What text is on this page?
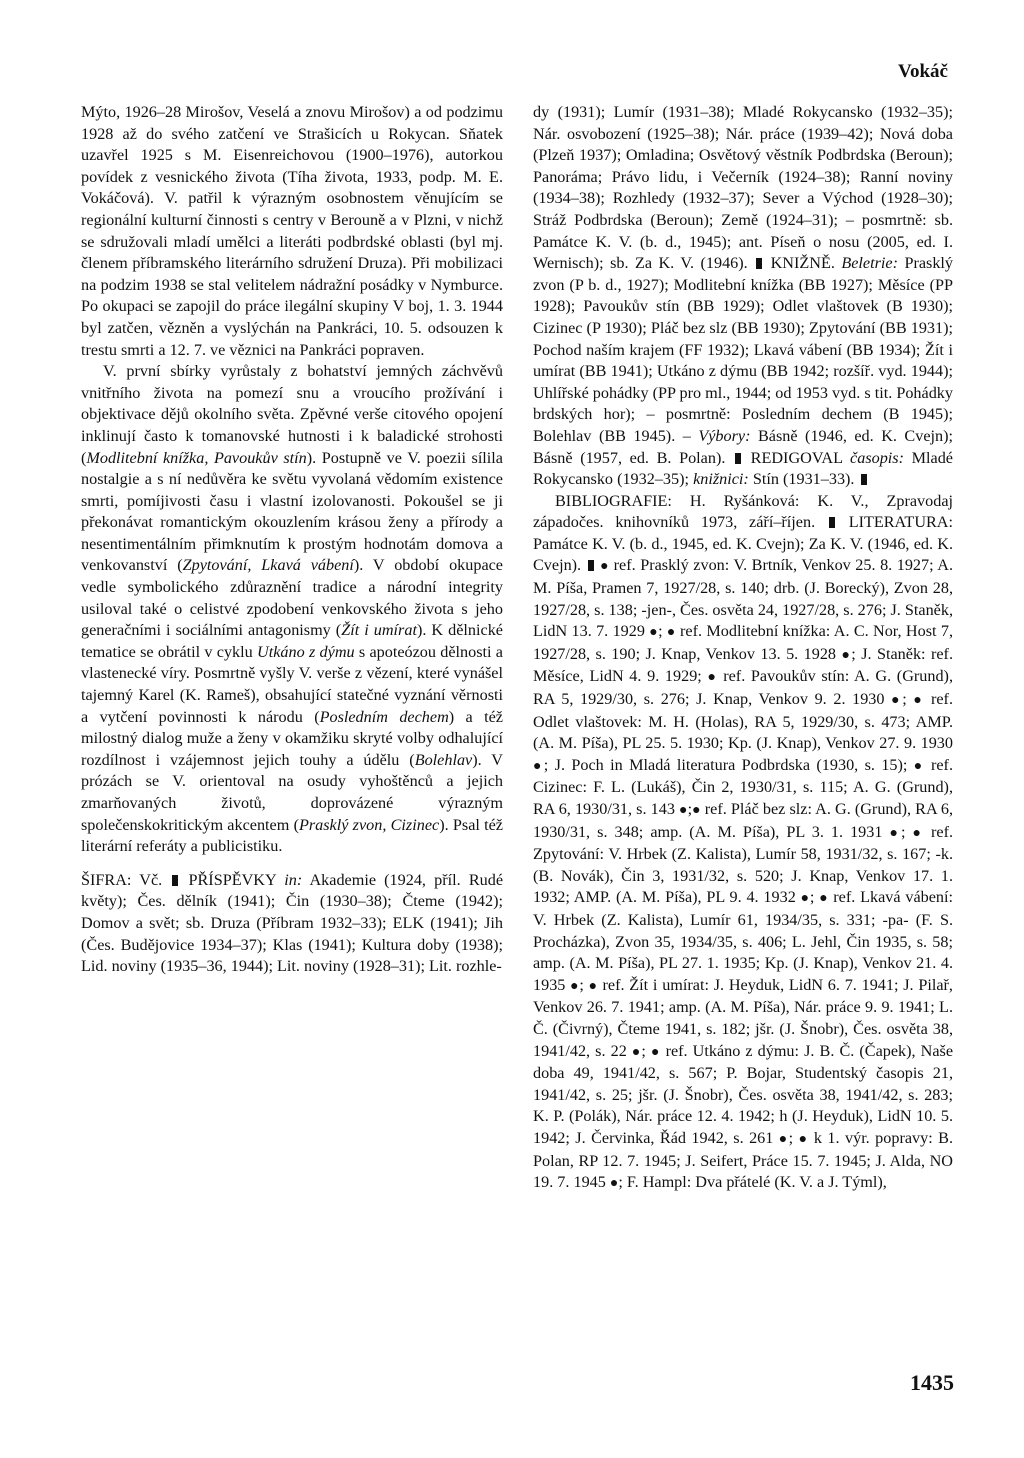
Vokáč

Mýto, 1926–28 Mirošov, Veselá a znovu Mirošov) a od podzimu 1928 až do svého zatčení ve Strašicích u Rokycan. Sňatek uzavřel 1925 s M. Eisenreichovou (1900–1976), autorkou povídek z vesnického života (Tíha života, 1933, podp. M. E. Vokáčová). V. patřil k výrazným osobnostem věnujícím se regionální kulturní činnosti s centry v Berouně a v Plzni, v nichž se sdružovali mladí umělci a literáti podbrdské oblasti (byl mj. členem příbramského literárního sdružení Druza). Při mobilizaci na podzim 1938 se stal velitelem nádražní posádky v Nymburce. Po okupaci se zapojil do práce ilegální skupiny V boj, 1. 3. 1944 byl zatčen, vězněn a vyslýchán na Pankráci, 10. 5. odsouzen k trestu smrti a 12. 7. ve věznici na Pankráci popraven.

V. první sbírky vyrůstaly z bohatství jemných záchvěvů vnitřního života na pomezí snu a vroucího prožívání i objektivace dějů okolního světa. Zpěvné verše citového opojení inklinují často k tomanovské hutnosti i k baladické strohosti (Modlitební knížka, Pavoukův stín). Postupně ve V. poezii sílila nostalgie a s ní nedůvěra ke světu vyvolaná vědomím existence smrti, pomíjivosti času i vlastní izolovanosti. Pokoušel se ji překonávat romantickým okouzlením krásou ženy a přírody a nesentimentálním přimknutím k prostým hodnotám domova a venkovanství (Zpytování, Lkavá vábení). V období okupace vedle symbolického zdůraznění tradice a národní integrity usiloval také o celistvé zpodobení venkovského života s jeho generačními i sociálními antagonismy (Žít i umírat). K dělnické tematice se obrátil v cyklu Utkáno z dýmu s apoteózou dělnosti a vlastenecké víry. Posmrtně vyšly V. verše z vězení, které vynášel tajemný Karel (K. Rameš), obsahující statečné vyznání věrnosti a vytčení povinnosti k národu (Posledním dechem) a též milostný dialog muže a ženy v okamžiku skryté volby odhalující rozdílnost i vzájemnost jejich touhy a údělu (Bolehlav). V prózách se V. orientoval na osudy vyhoštěnců a jejich zmarňovaných životů, doprovázené výrazným společenskokritickým akcentem (Prasklý zvon, Cizinec). Psal též literární referáty a publicistiku.

ŠIFRA: Vč.  PŘÍSPĚVKY in: Akademie (1924, příl. Rudé květy); Čes. dělník (1941); Čin (1930–38); Čteme (1942); Domov a svět; sb. Druza (Příbram 1932–33); ELK (1941); Jih (Čes. Budějovice 1934–37); Klas (1941); Kultura doby (1938); Lid. noviny (1935–36, 1944); Lit. noviny (1928–31); Lit. rozhle-

dy (1931); Lumír (1931–38); Mladé Rokycansko (1932–35); Nár. osvobození (1925–38); Nár. práce (1939–42); Nová doba (Plzeň 1937); Omladina; Osvětový věstník Podbrdska (Beroun); Panoráma; Právo lidu, i Večerník (1924–38); Ranní noviny (1934–38); Rozhledy (1932–37); Sever a Východ (1928–30); Stráž Podbrdska (Beroun); Země (1924–31); – posmrtně: sb. Památce K. V. (b. d., 1945); ant. Píseň o nosu (2005, ed. I. Wernisch); sb. Za K. V. (1946).  KNIŽNĚ. Beletrie: Prasklý zvon (P b. d., 1927); Modlitební knížka (BB 1927); Měsíce (PP 1928); Pavoukův stín (BB 1929); Odlet vlaštovek (B 1930); Cizinec (P 1930); Pláč bez slz (BB 1930); Zpytování (BB 1931); Pochod naším krajem (FF 1932); Lkavá vábení (BB 1934); Žít i umírat (BB 1941); Utkáno z dýmu (BB 1942; rozšíř. vyd. 1944); Uhlířské pohádky (PP pro ml., 1944; od 1953 vyd. s tit. Pohádky brdských hor); – posmrtně: Posledním dechem (B 1945); Bolehlav (BB 1945). – Výbory: Básně (1946, ed. K. Cvejn); Básně (1957, ed. B. Polan).  REDIGOVAL časopis: Mladé Rokycansko (1932–35); knižnici: Stín (1931–33).

BIBLIOGRAFIE: H. Ryšánková: K. V., Zpravodaj západočes. knihovníků 1973, září–říjen.  LITERATURA: Památce K. V. (b. d., 1945, ed. K. Cvejn); Za K. V. (1946, ed. K. Cvejn). ● ref. Prasklý zvon: V. Brtník, Venkov 25. 8. 1927; A. M. Píša, Pramen 7, 1927/28, s. 140; drb. (J. Borecký), Zvon 28, 1927/28, s. 138; -jen-, Čes. osvěta 24, 1927/28, s. 276; J. Staněk, LidN 13. 7. 1929 ●; ● ref. Modlitební knížka: A. C. Nor, Host 7, 1927/28, s. 190; J. Knap, Venkov 13. 5. 1928 ●; J. Staněk: ref. Měsíce, LidN 4. 9. 1929; ● ref. Pavoukův stín: A. G. (Grund), RA 5, 1929/30, s. 276; J. Knap, Venkov 9. 2. 1930 ●; ● ref. Odlet vlaštovek: M. H. (Holas), RA 5, 1929/30, s. 473; AMP. (A. M. Píša), PL 25. 5. 1930; Kp. (J. Knap), Venkov 27. 9. 1930 ●; J. Poch in Mladá literatura Podbrdska (1930, s. 15); ● ref. Cizinec: F. L. (Lukáš), Čin 2, 1930/31, s. 115; A. G. (Grund), RA 6, 1930/31, s. 143 ●;● ref. Pláč bez slz: A. G. (Grund), RA 6, 1930/31, s. 348; amp. (A. M. Píša), PL 3. 1. 1931 ●; ● ref. Zpytování: V. Hrbek (Z. Kalista), Lumír 58, 1931/32, s. 167; -k. (B. Novák), Čin 3, 1931/32, s. 520; J. Knap, Venkov 17. 1. 1932; AMP. (A. M. Píša), PL 9. 4. 1932 ●; ● ref. Lkavá vábení: V. Hrbek (Z. Kalista), Lumír 61, 1934/35, s. 331; -pa- (F. S. Procházka), Zvon 35, 1934/35, s. 406; L. Jehl, Čin 1935, s. 58; amp. (A. M. Píša), PL 27. 1. 1935; Kp. (J. Knap), Venkov 21. 4. 1935 ●; ● ref. Žít i umírat: J. Heyduk, LidN 6. 7. 1941; J. Pilař, Venkov 26. 7. 1941; amp. (A. M. Píša), Nár. práce 9. 9. 1941; L. Č. (Čivrný), Čteme 1941, s. 182; jšr. (J. Šnobr), Čes. osvěta 38, 1941/42, s. 22 ●; ● ref. Utkáno z dýmu: J. B. Č. (Čapek), Naše doba 49, 1941/42, s. 567; P. Bojar, Studentský časopis 21, 1941/42, s. 25; jšr. (J. Šnobr), Čes. osvěta 38, 1941/42, s. 283; K. P. (Polák), Nár. práce 12. 4. 1942; h (J. Heyduk), LidN 10. 5. 1942; J. Červinka, Řád 1942, s. 261 ●; ● k 1. výr. popravy: B. Polan, RP 12. 7. 1945; J. Seifert, Práce 15. 7. 1945; J. Alda, NO 19. 7. 1945 ●; F. Hampl: Dva přátelé (K. V. a J. Týml),

1435
